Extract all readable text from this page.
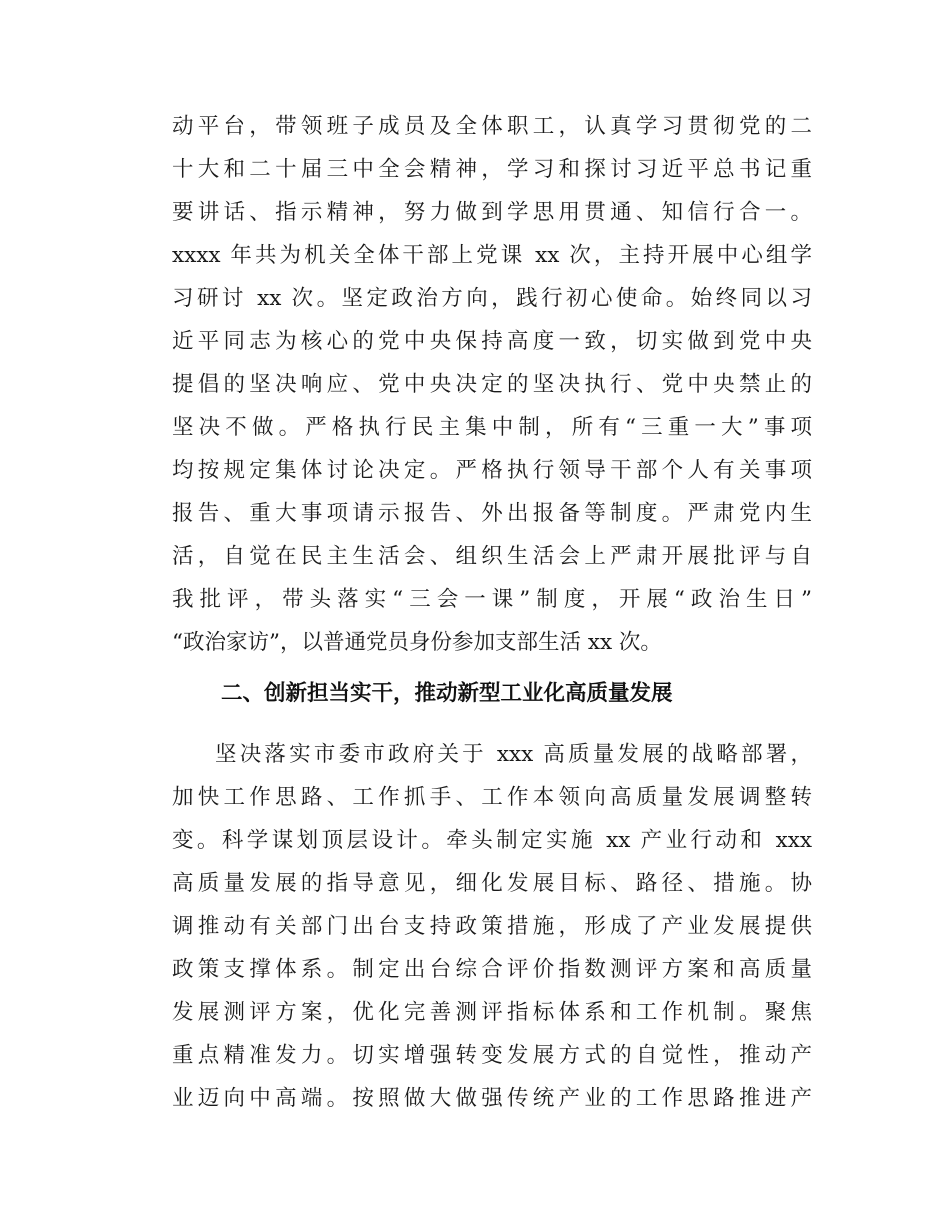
动平台，带领班子成员及全体职工，认真学习贯彻党的二
十大和二十届三中全会精神，学习和探讨习近平总书记重
要讲话、指示精神，努力做到学思用贯通、知信行合一。
xxxx 年共为机关全体干部上党课 xx 次，主持开展中心组学
习研讨 xx 次。坚定政治方向，践行初心使命。始终同以习
近平同志为核心的党中央保持高度一致，切实做到党中央
提倡的坚决响应、党中央决定的坚决执行、党中央禁止的
坚决不做。严格执行民主集中制，所有“三重一大”事项
均按规定集体讨论决定。严格执行领导干部个人有关事项
报告、重大事项请示报告、外出报备等制度。严肃党内生
活，自觉在民主生活会、组织生活会上严肃开展批评与自
我批评，带头落实“三会一课”制度，开展“政治生日”
“政治家访”，以普通党员身份参加支部生活 xx 次。
二、创新担当实干，推动新型工业化高质量发展
坚决落实市委市政府关于 xxx 高质量发展的战略部署，
加快工作思路、工作抓手、工作本领向高质量发展调整转
变。科学谋划顶层设计。牵头制定实施 xx 产业行动和 xxx
高质量发展的指导意见，细化发展目标、路径、措施。协
调推动有关部门出台支持政策措施，形成了产业发展提供
政策支撑体系。制定出台综合评价指数测评方案和高质量
发展测评方案，优化完善测评指标体系和工作机制。聚焦
重点精准发力。切实增强转变发展方式的自觉性，推动产
业迈向中高端。按照做大做强传统产业的工作思路推进产
